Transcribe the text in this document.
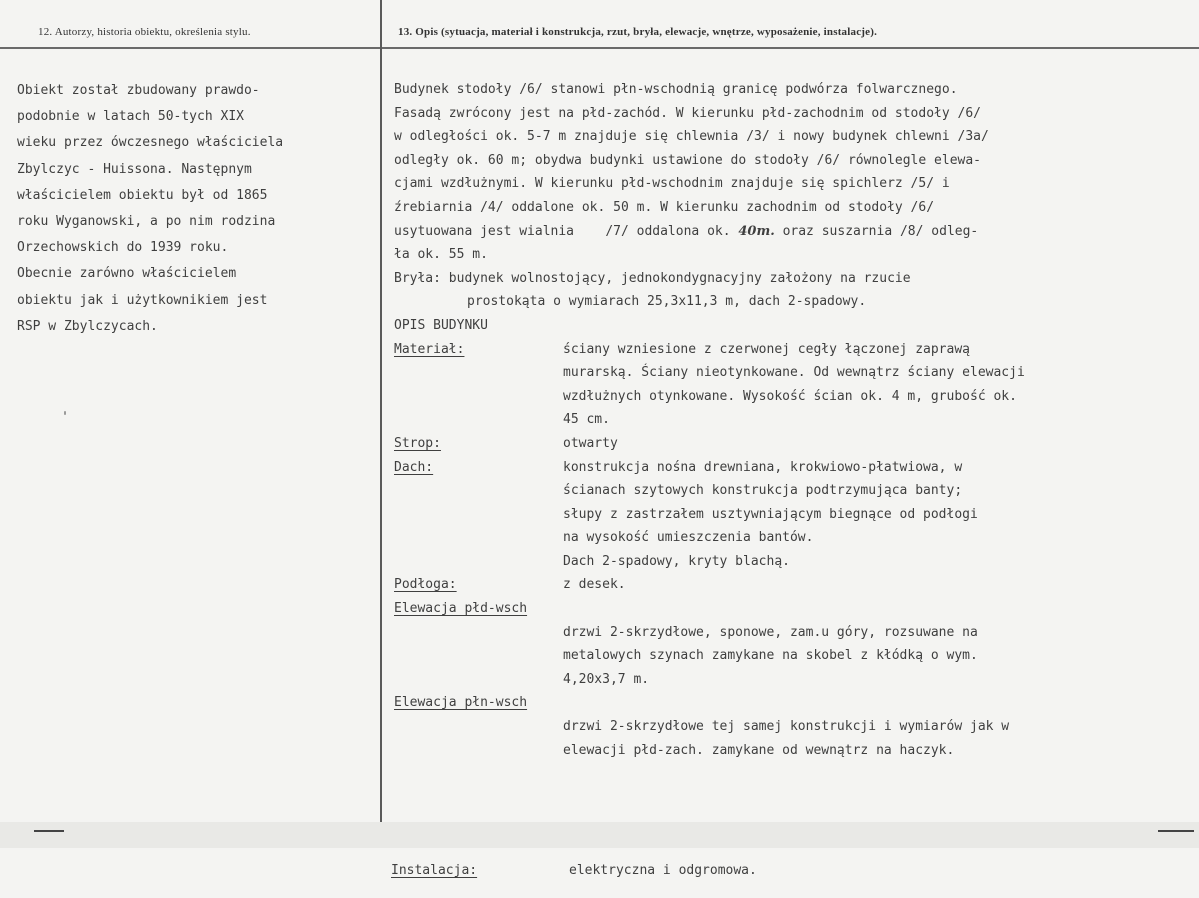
12. Autorzy, historia obiektu, określenia stylu.	13. Opis (sytuacja, materiał i konstrukcja, rzut, bryła, elewacje, wnętrze, wyposażenie, instalacje).
Obiekt został zbudowany prawdo-
podobnie w latach 50-tych XIX
wieku przez ówczesnego właściciela
Zbylczyc - Huissona. Następnym
właścicielem obiektu był od 1865
roku Wyganowski, a po nim rodzina
Orzechowskich do 1939 roku.
Obecnie zarówno właścicielem
obiektu jak i użytkownikiem jest
RSP w Zbylczycach.
Budynek stodoły /6/ stanowi płn-wschodnią granicę podwórza folwarcznego.
Fasadą zwrócony jest na płd-zachód. W kierunku płd-zachodnim od stodoły /6/
w odległości ok. 5-7 m znajduje się chlewnia /3/ i nowy budynek chlewni /3a/
odległy ok. 60 m; obydwa budynki ustawione do stodoły /6/ równolegle elewa-
cjami wzdłużnymi. W kierunku płd-wschodnim znajduje się spichlerz /5/ i
źrebiarnia /4/ oddalone ok. 50 m. W kierunku zachodnim od stodoły /6/
usytuowana jest wialnia    /7/ oddalona ok. 40m. oraz suszarnia /8/ odleg-
ła ok. 55 m.
Bryła: budynek wolnostojący, jednokondygnacyjny założony na rzucie
prostokąta o wymiarach 25,3x11,3 m, dach 2-spadowy.
OPIS BUDYNKU
Materiał:	ściany wzniesione z czerwonej cegły łączonej zaprawą
murarską. Ściany nieotynkowane. Od wewnątrz ściany elewacji
wzdłużnych otynkowane. Wysokość ścian ok. 4 m, grubość ok.
45 cm.
Strop:	otwarty
Dach:	konstrukcja nośna drewniana, krokwiowo-płatwiowa, w
ścianach szytowych konstrukcja podtrzymująca banty;
słupy z zastrzałem usztywniającym biegnące od podłogi
na wysokość umieszczenia bantów.
Dach 2-spadowy, kryty blachą.
Podłoga:	z desek.
Elewacja płd-wsch
drzwi 2-skrzydłowe, sponowe, zam.u góry, rozsuwane na
metalowych szynach zamykane na skobel z kłódką o wym.
4,20x3,7 m.
Elewacja płn-wsch
drzwi 2-skrzydłowe tej samej konstrukcji i wymiarów jak w
elewacji płd-zach. zamykane od wewnątrz na haczyk.
Instalacja:	elektryczna i odgromowa.
